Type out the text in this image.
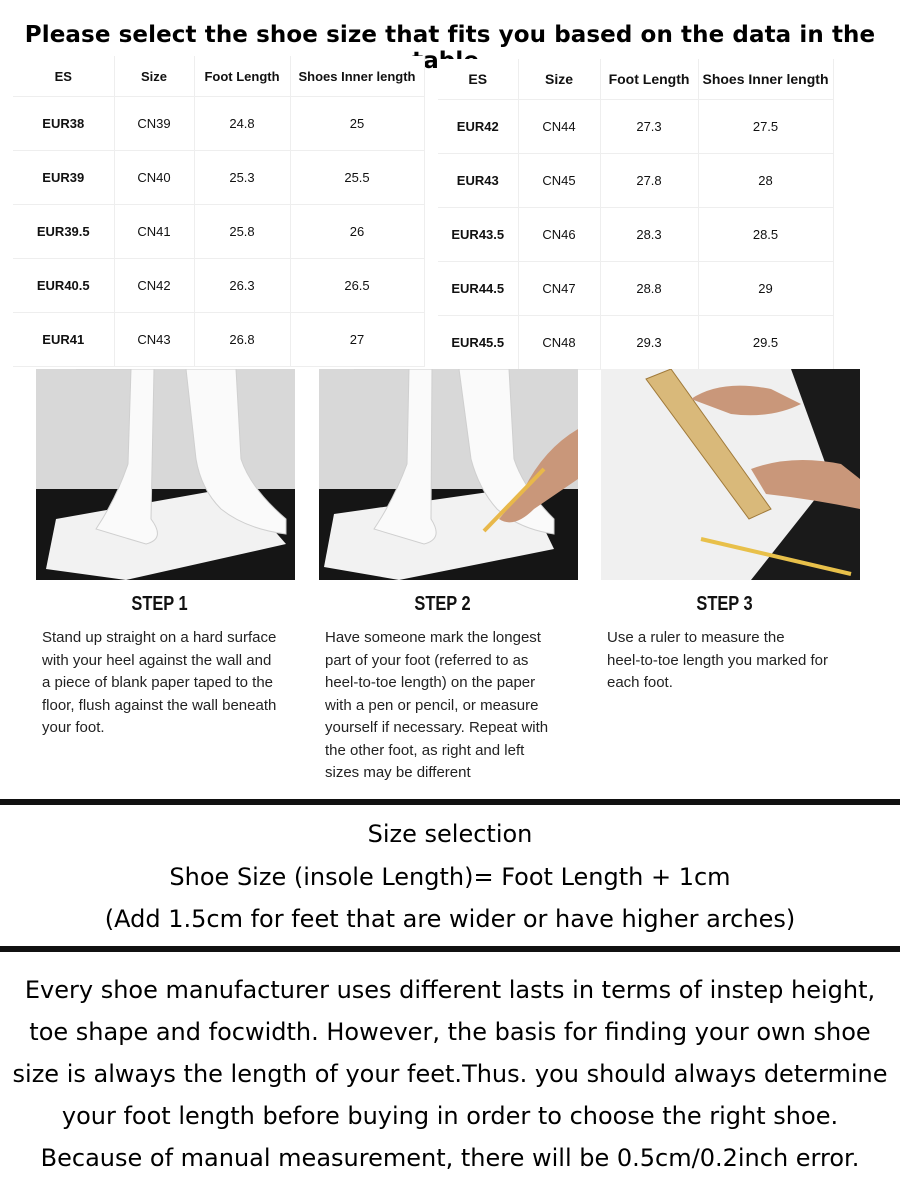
Please select the shoe size that fits you based on the data in the
ES	Size	Foot Length	Shoes Inner length
EUR38	CN39	24.8	25
EUR39	CN40	25.3	25.5
EUR39.5	CN41	25.8	26
EUR40.5	CN42	26.3	26.5
EUR41	CN43	26.8	27
ES	Size	Foot Length	Shoes Inner length
EUR42	CN44	27.3	27.5
EUR43	CN45	27.8	28
EUR43.5	CN46	28.3	28.5
EUR44.5	CN47	28.8	29
EUR45.5	CN48	29.3	29.5
STEP 1	STEP 2	STEP 3
Stand up straight on a hard surface
with your heel against the wall and
a piece of blank paper taped to the
floor, flush against the wall beneath
your foot.
Have someone mark the longest
part of your foot (referred to as
heel-to-toe length) on the paper
with a pen or pencil, or measure
yourself if necessary. Repeat with
the other foot, as right and left
sizes may be different
Use a ruler to measure the
heel-to-toe length you marked for
each foot.
Size selection
Shoe Size (insole Length)= Foot Length + 1cm
(Add 1.5cm for feet that are wider or have higher arches)
Every shoe manufacturer uses different lasts in terms of instep height,
toe shape and focwidth. However, the basis for finding your own shoe
size is always the length of your feet.Thus. you should always determine
your foot length before buying in order to choose the right shoe.
Because of manual measurement, there will be 0.5cm/0.2inch error.
